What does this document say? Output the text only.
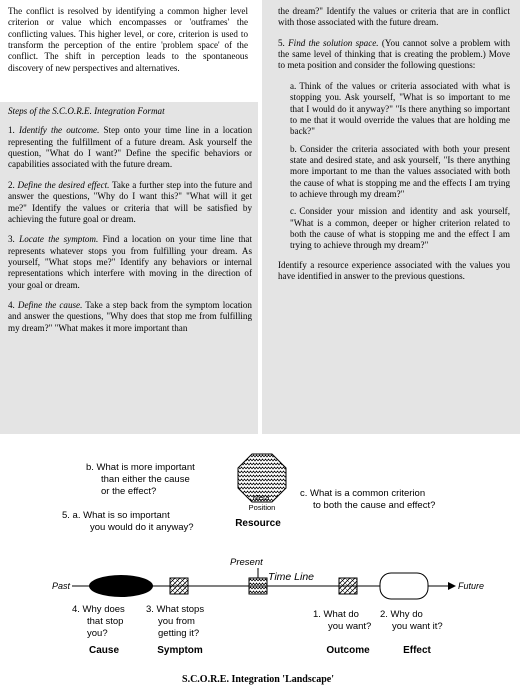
The conflict is resolved by identifying a common higher level criterion or value which encompasses or 'outframes' the conflicting values. This higher level, or core, criterion is used to transform the perception of the entire 'problem space' of the conflict. The shift in perception leads to the spontaneous discovery of new perspectives and alternatives.

Steps of the S.C.O.R.E. Integration Format
1. Identify the outcome. Step onto your time line in a location representing the fulfillment of a future dream. Ask yourself the question, "What do I want?" Define the specific behaviors or capabilities associated with the future dream.
2. Define the desired effect. Take a further step into the future and answer the questions, "Why do I want this?" "What will it get me?" Identify the values or criteria that will be satisfied by achieving the future goal or dream.
3. Locate the symptom. Find a location on your time line that represents whatever stops you from fulfilling your dream. As yourself, "What stops me?" Identify any behaviors or internal representations which interfere with moving in the direction of your goal or dream.
4. Define the cause. Take a step back from the symptom location and answer the questions, "Why does that stop me from fulfilling my dream?" "What makes it more important than

the dream?" Identify the values or criteria that are in conflict with those associated with the future dream.

5. Find the solution space. (You cannot solve a problem with the same level of thinking that is creating the problem.) Move to meta position and consider the following questions:
a. Think of the values or criteria associated with what is stopping you. Ask yourself, "What is so important to me that I would do it anyway?" "Is there anything so important to me that it would override the values that are holding me back?"
b. Consider the criteria associated with both your present state and desired state, and ask yourself, "Is there anything more important to me than the values associated with both the cause of what is stopping me and the effects I am trying to achieve through my dream?"
c. Consider your mission and identity and ask yourself, "What is a common, deeper or higher criterion related to both the cause of what is stopping me and the effect I am trying to achieve through my dream?"

Identify a resource experience associated with the values you have identified in answer to the previous questions.

b. What is more important than either the cause or the effect?
5. a. What is so important you would do it anyway?
Meta Position
Resource
c. What is a common criterion to both the cause and effect?
Present
Time Line
Past	Future
4. Why does that stop you?
3. What stops you from getting it?
1. What do you want?
2. Why do you want it?
Cause	Symptom	Outcome	Effect
S.C.O.R.E. Integration 'Landscape'
